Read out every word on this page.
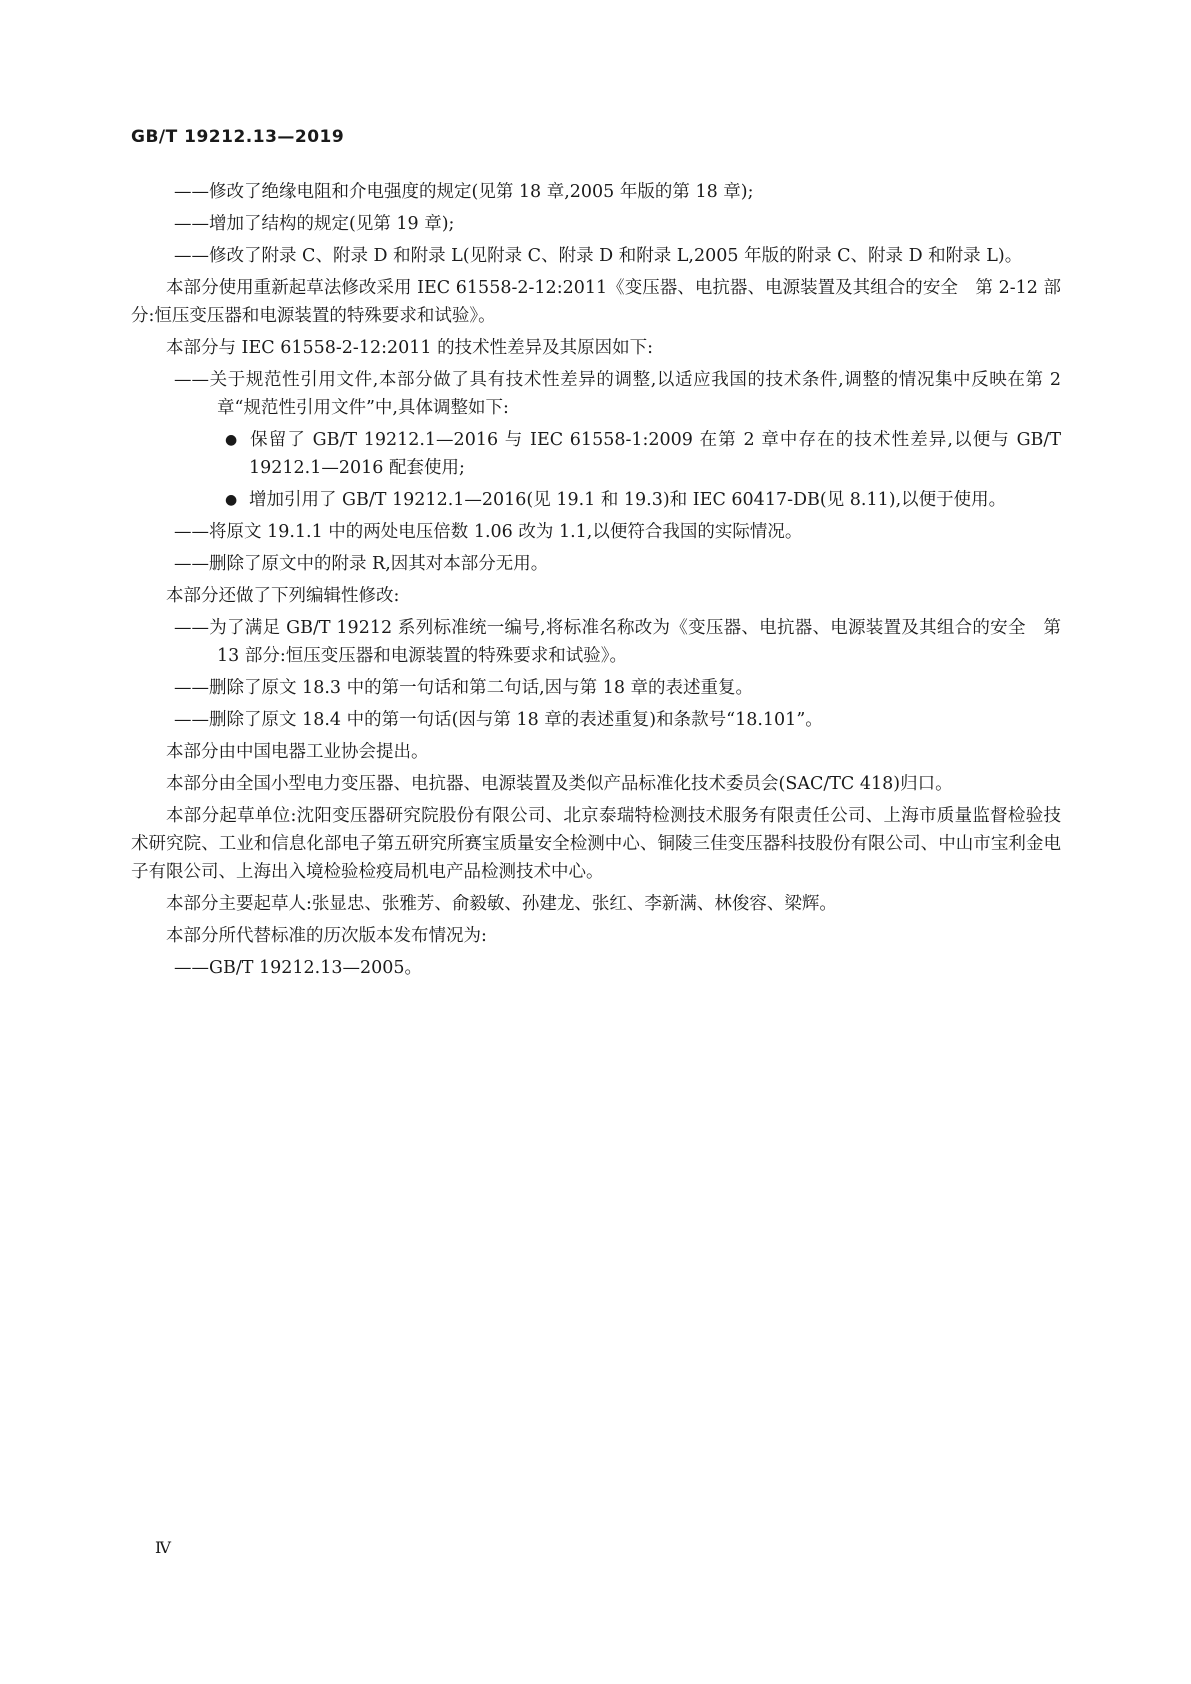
GB/T 19212.13—2019

——修改了绝缘电阻和介电强度的规定(见第 18 章,2005 年版的第 18 章);

——增加了结构的规定(见第 19 章);

——修改了附录 C、附录 D 和附录 L(见附录 C、附录 D 和附录 L,2005 年版的附录 C、附录 D 和附录 L)。

本部分使用重新起草法修改采用 IEC 61558-2-12:2011《变压器、电抗器、电源装置及其组合的安全　第 2-12 部分:恒压变压器和电源装置的特殊要求和试验》。

本部分与 IEC 61558-2-12:2011 的技术性差异及其原因如下:

——关于规范性引用文件,本部分做了具有技术性差异的调整,以适应我国的技术条件,调整的情况集中反映在第 2 章“规范性引用文件”中,具体调整如下:

● 保留了 GB/T 19212.1—2016 与 IEC 61558-1:2009 在第 2 章中存在的技术性差异,以便与 GB/T 19212.1—2016 配套使用;

● 增加引用了 GB/T 19212.1—2016(见 19.1 和 19.3)和 IEC 60417-DB(见 8.11),以便于使用。

——将原文 19.1.1 中的两处电压倍数 1.06 改为 1.1,以便符合我国的实际情况。

——删除了原文中的附录 R,因其对本部分无用。

本部分还做了下列编辑性修改:

——为了满足 GB/T 19212 系列标准统一编号,将标准名称改为《变压器、电抗器、电源装置及其组合的安全　第 13 部分:恒压变压器和电源装置的特殊要求和试验》。

——删除了原文 18.3 中的第一句话和第二句话,因与第 18 章的表述重复。

——删除了原文 18.4 中的第一句话(因与第 18 章的表述重复)和条款号“18.101”。

本部分由中国电器工业协会提出。

本部分由全国小型电力变压器、电抗器、电源装置及类似产品标准化技术委员会(SAC/TC 418)归口。

本部分起草单位:沈阳变压器研究院股份有限公司、北京泰瑞特检测技术服务有限责任公司、上海市质量监督检验技术研究院、工业和信息化部电子第五研究所赛宝质量安全检测中心、铜陵三佳变压器科技股份有限公司、中山市宝利金电子有限公司、上海出入境检验检疫局机电产品检测技术中心。

本部分主要起草人:张显忠、张雅芳、俞毅敏、孙建龙、张红、李新满、林俊容、梁辉。

本部分所代替标准的历次版本发布情况为:

——GB/T 19212.13—2005。

Ⅳ
